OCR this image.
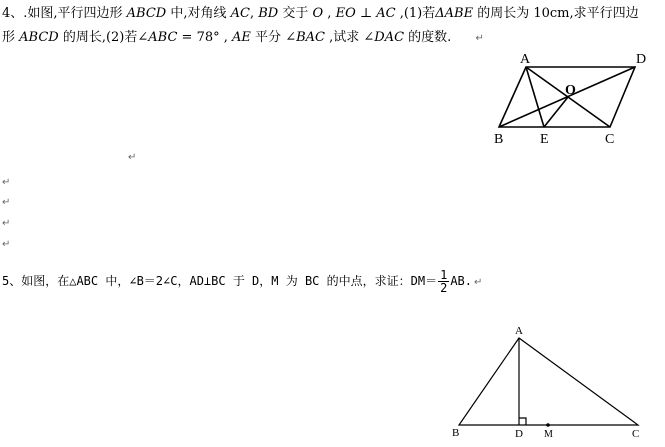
4、.如图,平行四边形 ABCD 中,对角线 AC, BD 交于 O , EO ⊥ AC ,(1)若ΔABE 的周长为 10cm,求平行四边
形 ABCD 的周长,(2)若∠ABC = 78° , AE 平分 ∠BAC ,试求 ∠DAC 的度数. ↵
A	D
O
B	E	C
↵
↵
↵
↵
↵
5、如图，在△ABC 中，∠B＝2∠C，AD⊥BC 于 D，M 为 BC 的中点，求证：$DM= \frac{1}{2}$ AB. ↵
A
B	D M	C
